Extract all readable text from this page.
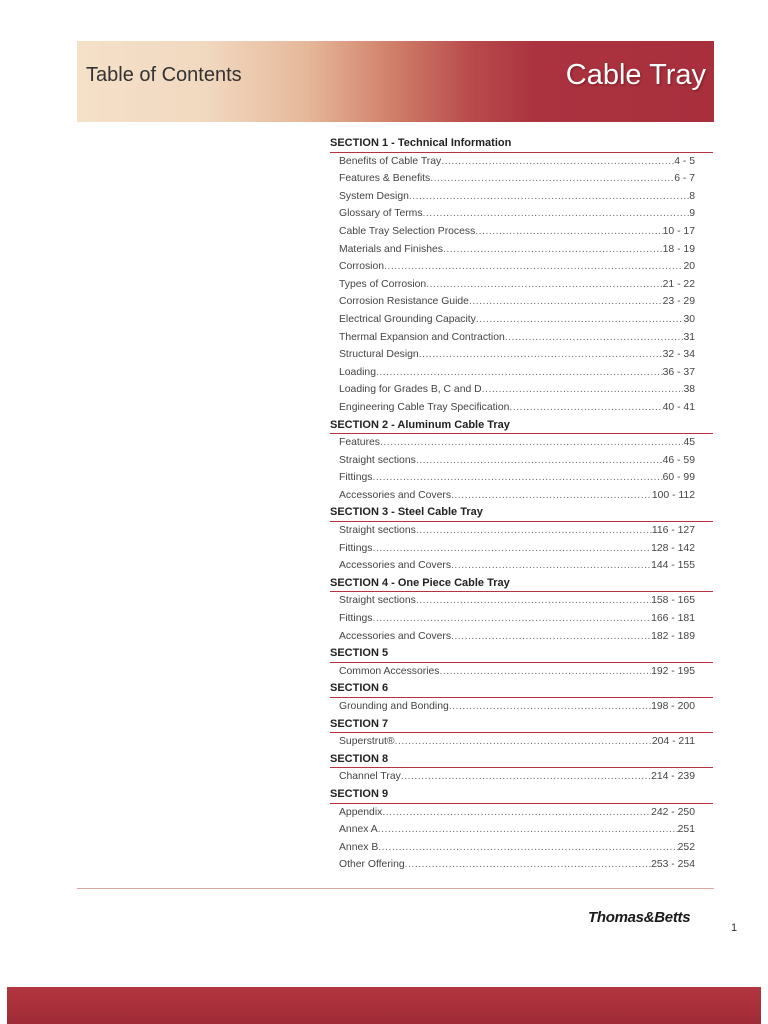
Table of Contents	Cable Tray
SECTION 1 - Technical Information
Benefits of Cable Tray .....	4 - 5
Features & Benefits .....	6 - 7
System Design .....	8
Glossary of Terms .....	9
Cable Tray Selection Process .....	10 - 17
Materials and Finishes .....	18 - 19
Corrosion .....	20
Types of Corrosion .....	21 - 22
Corrosion Resistance Guide .....	23 - 29
Electrical Grounding Capacity .....	30
Thermal Expansion and Contraction .....	31
Structural Design .....	32 - 34
Loading .....	36 - 37
Loading for Grades B, C and D .....	38
Engineering Cable Tray Specification .....	40 - 41
SECTION 2 - Aluminum Cable Tray
Features .....	45
Straight sections .....	46 - 59
Fittings .....	60 - 99
Accessories and Covers .....	100 - 112
SECTION 3 - Steel Cable Tray
Straight sections .....	116 - 127
Fittings .....	128 - 142
Accessories and Covers .....	144 - 155
SECTION 4 - One Piece Cable Tray
Straight sections .....	158 - 165
Fittings .....	166 - 181
Accessories and Covers .....	182 - 189
SECTION 5
Common Accessories .....	192 - 195
SECTION 6
Grounding and Bonding .....	198 - 200
SECTION 7
Superstrut® .....	204 - 211
SECTION 8
Channel Tray .....	214 - 239
SECTION 9
Appendix .....	242 - 250
Annex A .....	251
Annex B .....	252
Other Offering .....	253 - 254
Thomas&Betts
1
